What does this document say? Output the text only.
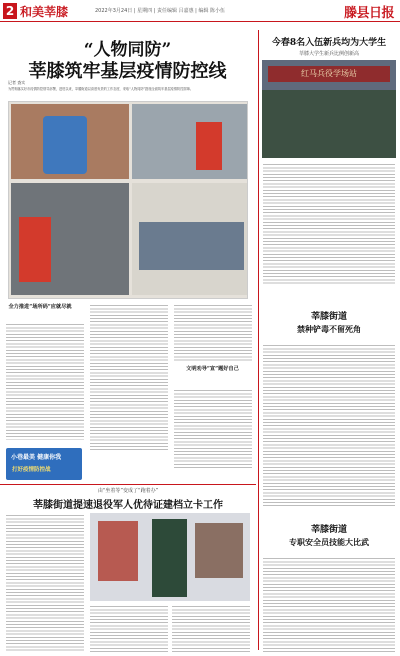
2 和美莘膝	2022年3月24日 | 星期四 | 责任编辑 吕嘉惠 | 编辑 陈小伍	滕县日报
“人物同防”
莘膝筑牢基层疫情防控线
记者 查实
为贯彻落实好市疫情防控领导部署，进驻以来，莘滕街道以高度负责的工作态度，采取“人物同防”措施全面筑牢基层疫情防控屏障。
全力推进“场所码”应就尽就
文明劝导“宣”题好自己
小巷最美 健康你我
打好疫情防控战
今春8名入伍新兵均为大学生
莘膝大学生新兵比例创新高
红马兵役学场站
莘膝街道
禁种铲毒不留死角
莘膝街道
专职安全员技能大比武
由“坐着等”变成了“跑着办”
莘膝街道提速退役军人优待证建档立卡工作
